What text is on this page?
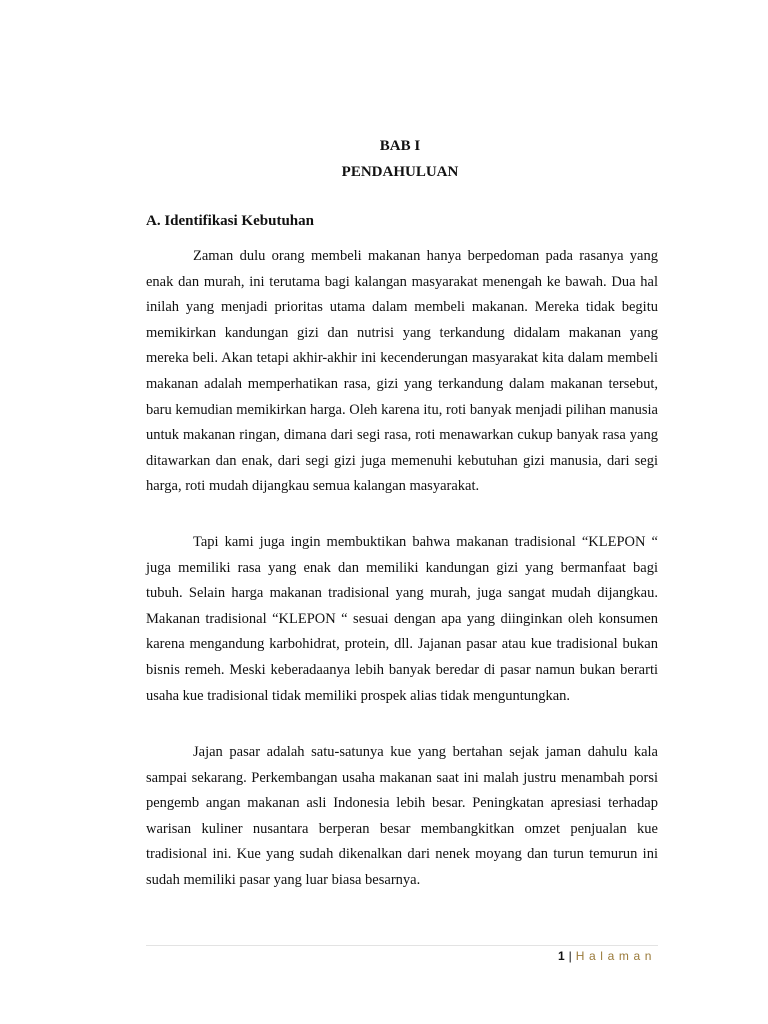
BAB I
PENDAHULUAN
A. Identifikasi Kebutuhan

Zaman dulu orang membeli makanan hanya berpedoman pada rasanya yang enak dan murah, ini terutama bagi kalangan masyarakat menengah ke bawah. Dua hal inilah yang menjadi prioritas utama dalam membeli makanan. Mereka tidak begitu memikirkan kandungan gizi dan nutrisi yang terkandung didalam makanan yang mereka beli. Akan tetapi akhir-akhir ini kecenderungan masyarakat kita dalam membeli makanan adalah memperhatikan rasa, gizi yang terkandung dalam makanan tersebut, baru kemudian memikirkan harga. Oleh karena itu, roti banyak menjadi pilihan manusia untuk makanan ringan, dimana dari segi rasa, roti menawarkan cukup banyak rasa yang ditawarkan dan enak, dari segi gizi juga memenuhi kebutuhan gizi manusia, dari segi harga, roti mudah dijangkau semua kalangan masyarakat.

Tapi kami juga ingin membuktikan bahwa makanan tradisional “KLEPON “ juga memiliki rasa yang enak dan memiliki kandungan gizi yang bermanfaat bagi tubuh. Selain harga makanan tradisional yang murah, juga sangat mudah dijangkau. Makanan tradisional “KLEPON “ sesuai dengan apa yang diinginkan oleh konsumen karena mengandung karbohidrat, protein, dll. Jajanan pasar atau kue tradisional bukan bisnis remeh. Meski keberadaanya lebih banyak beredar di pasar namun bukan berarti usaha kue tradisional tidak memiliki prospek alias tidak menguntungkan.

Jajan pasar adalah satu-satunya kue yang bertahan sejak jaman dahulu kala sampai sekarang. Perkembangan usaha makanan saat ini malah justru menambah porsi pengemb angan makanan asli Indonesia lebih besar. Peningkatan apresiasi terhadap warisan kuliner nusantara berperan besar membangkitkan omzet penjualan kue tradisional ini. Kue yang sudah dikenalkan dari nenek moyang dan turun temurun ini sudah memiliki pasar yang luar biasa besarnya.

1 | Halaman
